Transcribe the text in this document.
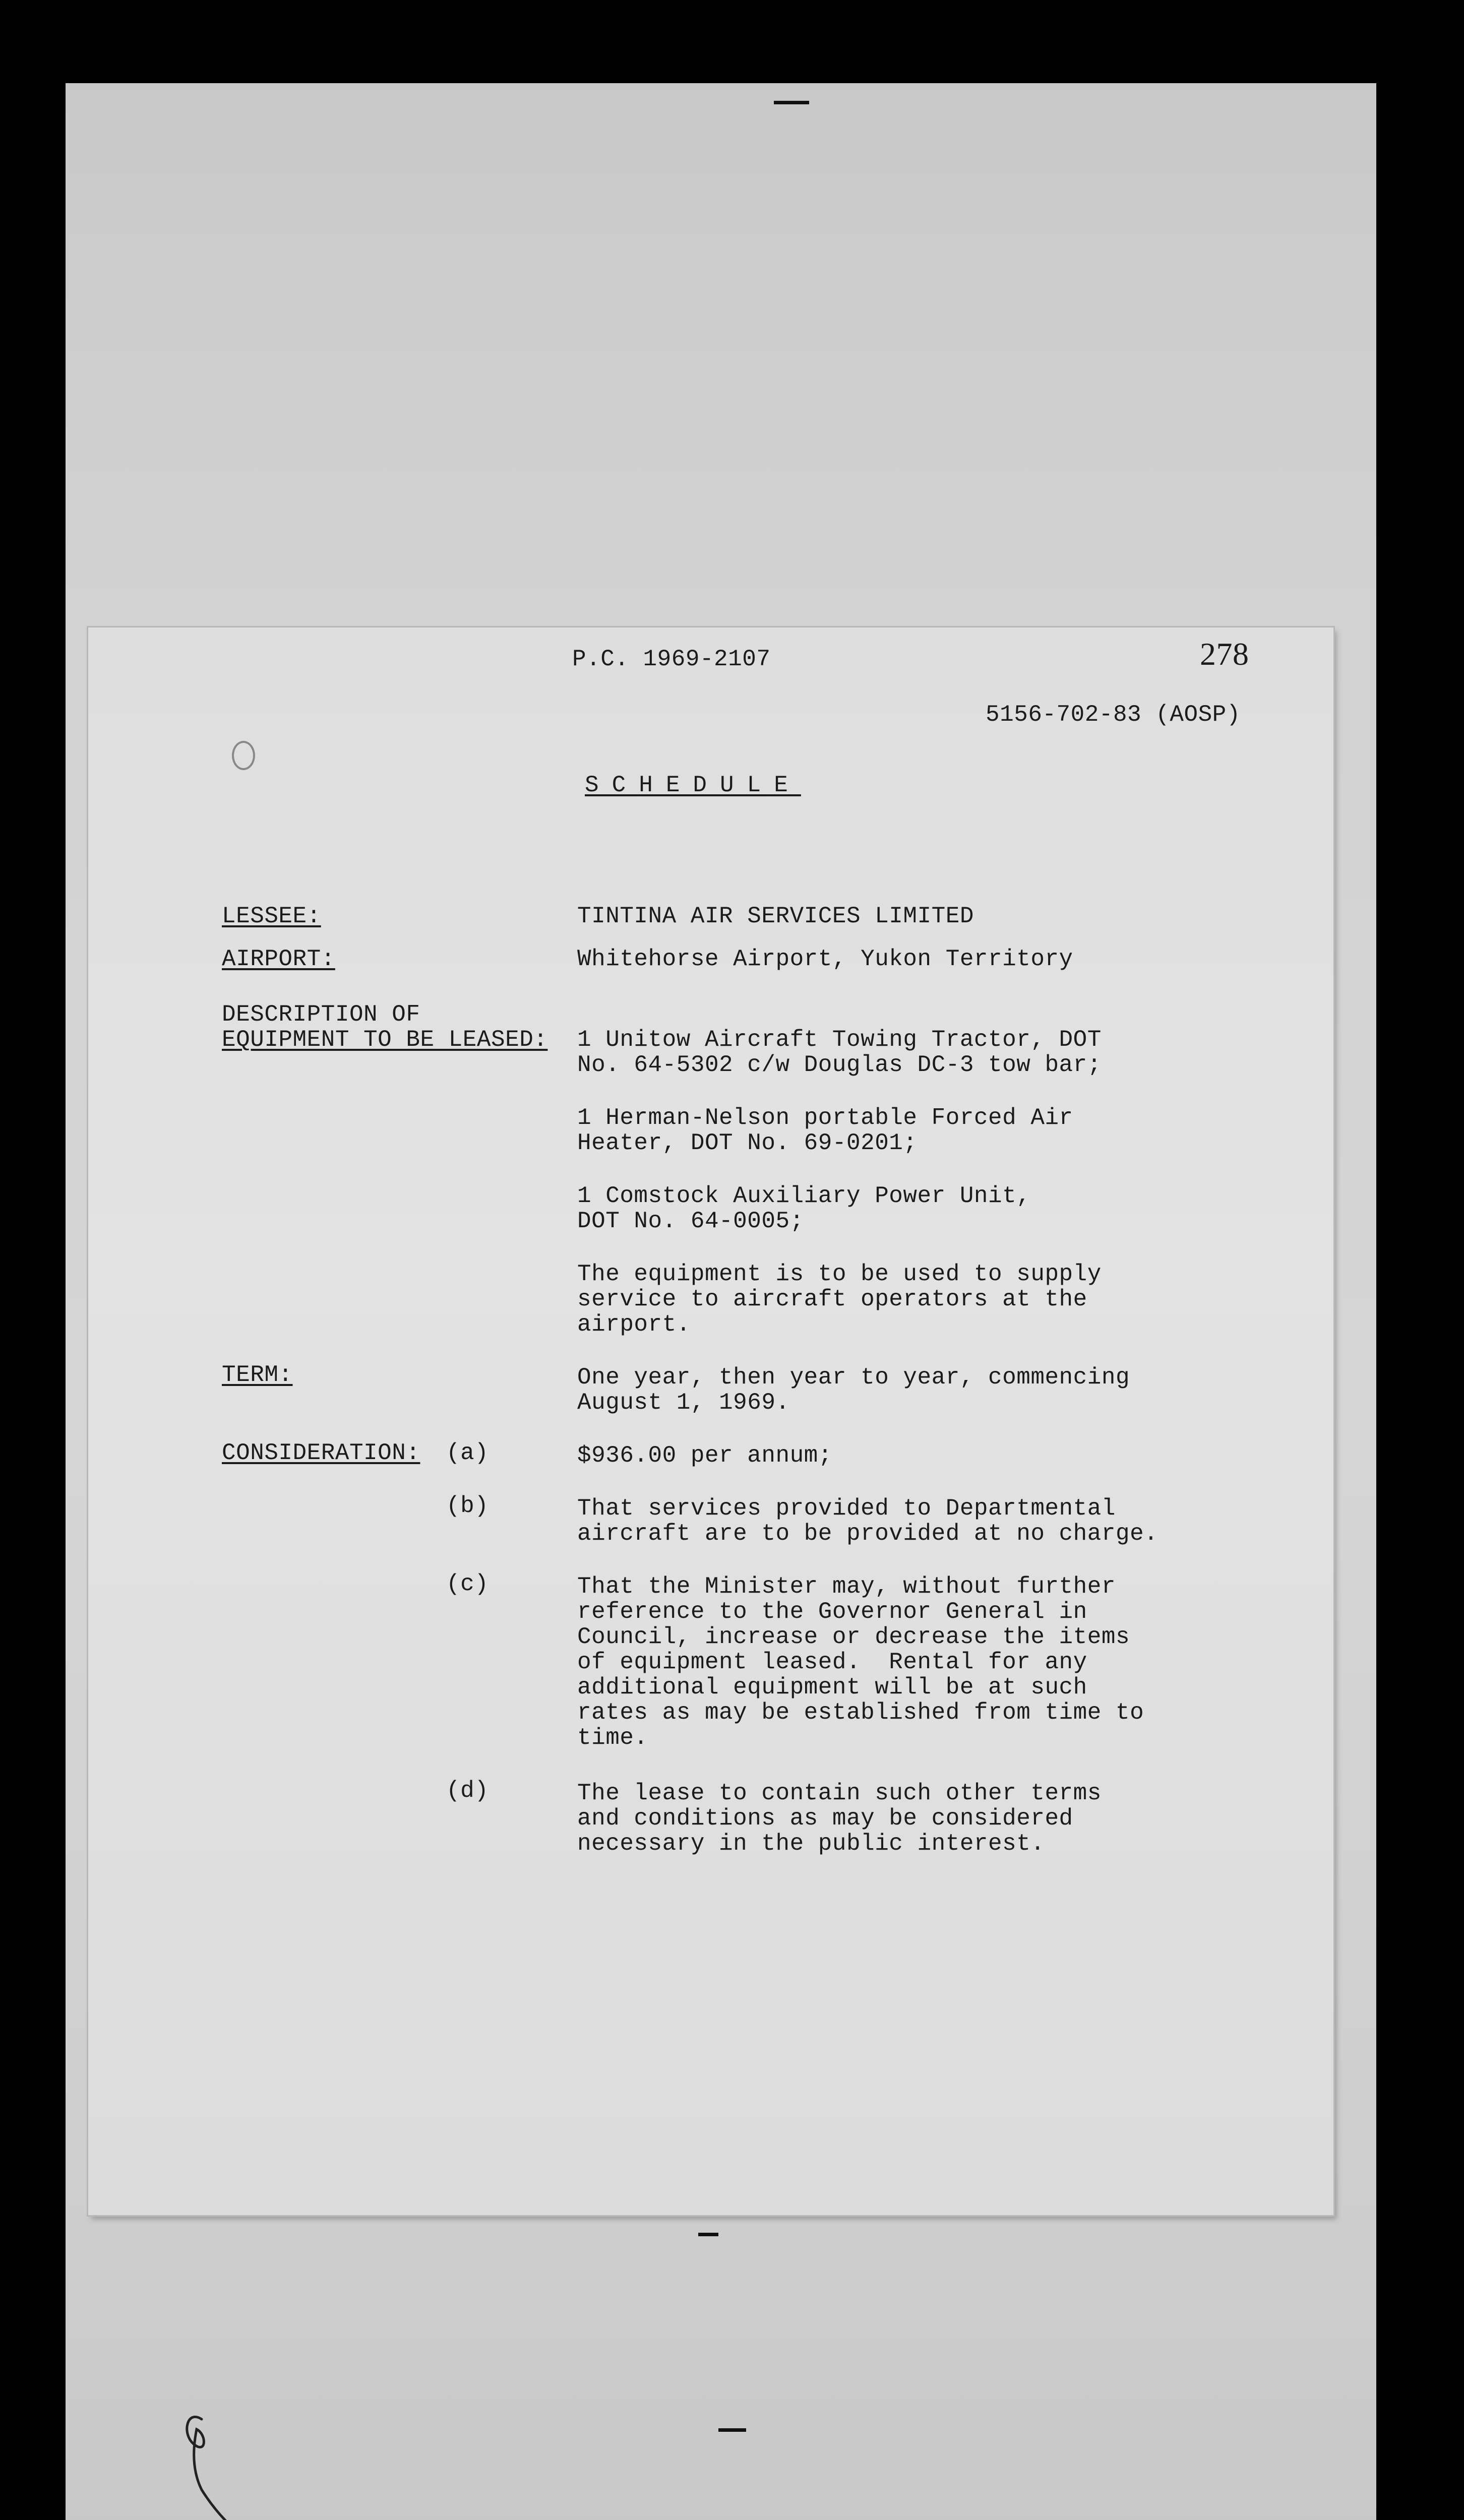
P.C. 1969-2107	278
5156-702-83 (AOSP)
SCHEDULE
LESSEE:	TINTINA AIR SERVICES LIMITED
AIRPORT:	Whitehorse Airport, Yukon Territory
DESCRIPTION OF
EQUIPMENT TO BE LEASED: 1 Unitow Aircraft Towing Tractor, DOT
No. 64-5302 c/w Douglas DC-3 tow bar;
1 Herman-Nelson portable Forced Air
Heater, DOT No. 69-0201;
1 Comstock Auxiliary Power Unit,
DOT No. 64-0005;
The equipment is to be used to supply
service to aircraft operators at the
airport.
TERM:	One year, then year to year, commencing
August 1, 1969.
CONSIDERATION: (a)	$936.00 per annum;
(b)	That services provided to Departmental
aircraft are to be provided at no charge.
(c)	That the Minister may, without further
reference to the Governor General in
Council, increase or decrease the items
of equipment leased.  Rental for any
additional equipment will be at such
rates as may be established from time to
time.
(d)	The lease to contain such other terms
and conditions as may be considered
necessary in the public interest.
